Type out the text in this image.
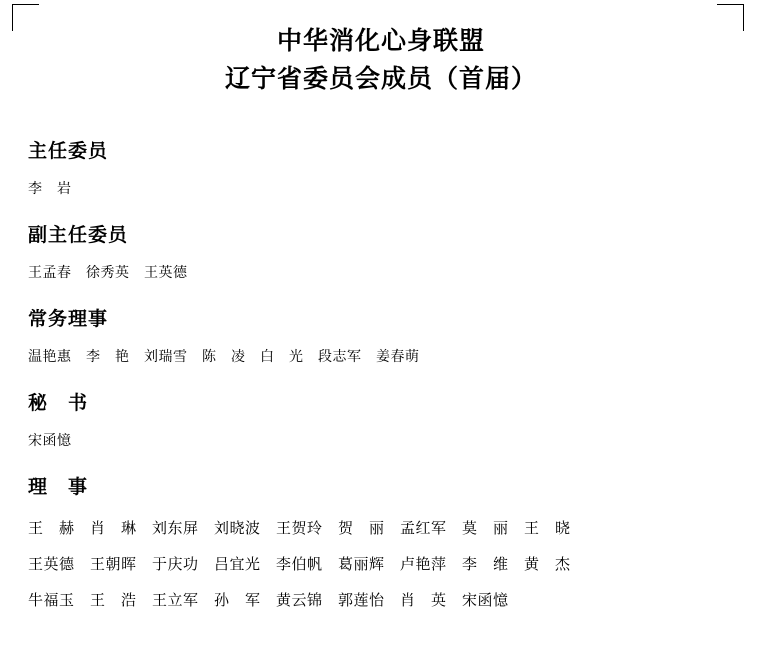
中华消化心身联盟
辽宁省委员会成员（首届）
主任委员
李　岩
副主任委员
王孟春　徐秀英　王英德
常务理事
温艳惠　李　艳　刘瑞雪　陈　凌　白　光　段志军　姜春萌
秘　书
宋函憶
理　事
王　赫　肖　琳　刘东屏　刘晓波　王贺玲　贺　丽　孟红军　莫　丽　王　晓
王英德　王朝晖　于庆功　吕宜光　李伯帆　葛丽辉　卢艳萍　李　维　黄　杰
牛福玉　王　浩　王立军　孙　军　黄云锦　郭莲怡　肖　英　宋函憶
